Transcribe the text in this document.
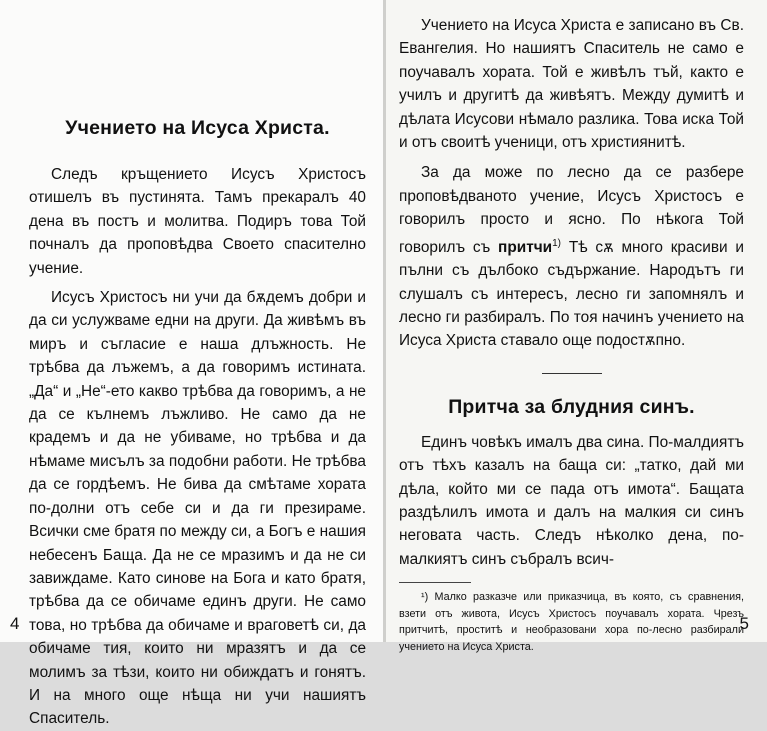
Учението на Исуса Христа.

Следъ кръщението Исусъ Христосъ отишелъ въ пустинята. Тамъ прекаралъ 40 дена въ постъ и молитва. Подиръ това Той почналъ да проповѣдва Своето спасително учение.

Исусъ Христосъ ни учи да бѫдемъ добри и да си услужваме едни на други. Да живѣмъ въ миръ и съгласие е наша длъжность. Не трѣбва да лъжемъ, а да говоримъ истината. „Да“ и „Не“-ето какво трѣбва да говоримъ, а не да се кълнемъ лъжливо. Не само да не крадемъ и да не убиваме, но трѣбва и да нѣмаме мисълъ за подобни работи. Не трѣбва да се гордѣемъ. Не бива да смѣтаме хората по-долни отъ себе си и да ги презираме. Всички сме братя по между си, а Богъ е нашия небесенъ Баща. Да не се мразимъ и да не си завиждаме. Като синове на Бога и като братя, трѣбва да се обичаме единъ други. Не само това, но трѣбва да обичаме и враговетѣ си, да обичаме тия, които ни мразятъ и да се молимъ за тѣзи, които ни обиждатъ и гонятъ. И на много още нѣща ни учи нашиятъ Спаситель.

4

Учението на Исуса Христа е записано въ Св. Евангелия. Но нашиятъ Спаситель не само е поучавалъ хората. Той е живѣлъ тъй, както е училъ и другитѣ да живѣятъ. Между думитѣ и дѣлата Исусови нѣмало разлика. Това иска Той и отъ своитѣ ученици, отъ християнитѣ.

За да може по лесно да се разбере проповѣдваното учение, Исусъ Христосъ е говорилъ просто и ясно. По нѣкога Той говорилъ съ притчи$^{1)}$ Тѣ сѫ много красиви и пълни съ дълбоко съдържание. Народътъ ги слушалъ съ интересъ, лесно ги запомнялъ и лесно ги разбиралъ. По тоя начинъ учението на Исуса Христа ставало още подостѫпно.

Притча за блудния синъ.

Единъ човѣкъ ималъ два сина. По-малдиятъ отъ тѣхъ казалъ на баща си: „татко, дай ми дѣла, който ми се пада отъ имота“. Бащата раздѣлилъ имота и далъ на малкия си синъ неговата часть. Следъ нѣколко дена, по-малкиятъ синъ събралъ всич-

¹) Малко разказче или приказчица, въ която, съ сравнения, взети отъ живота, Исусъ Христосъ поучавалъ хората. Чрезъ притчитѣ, проститѣ и необразовани хора по-лесно разбирали учението на Исуса Христа.
5
